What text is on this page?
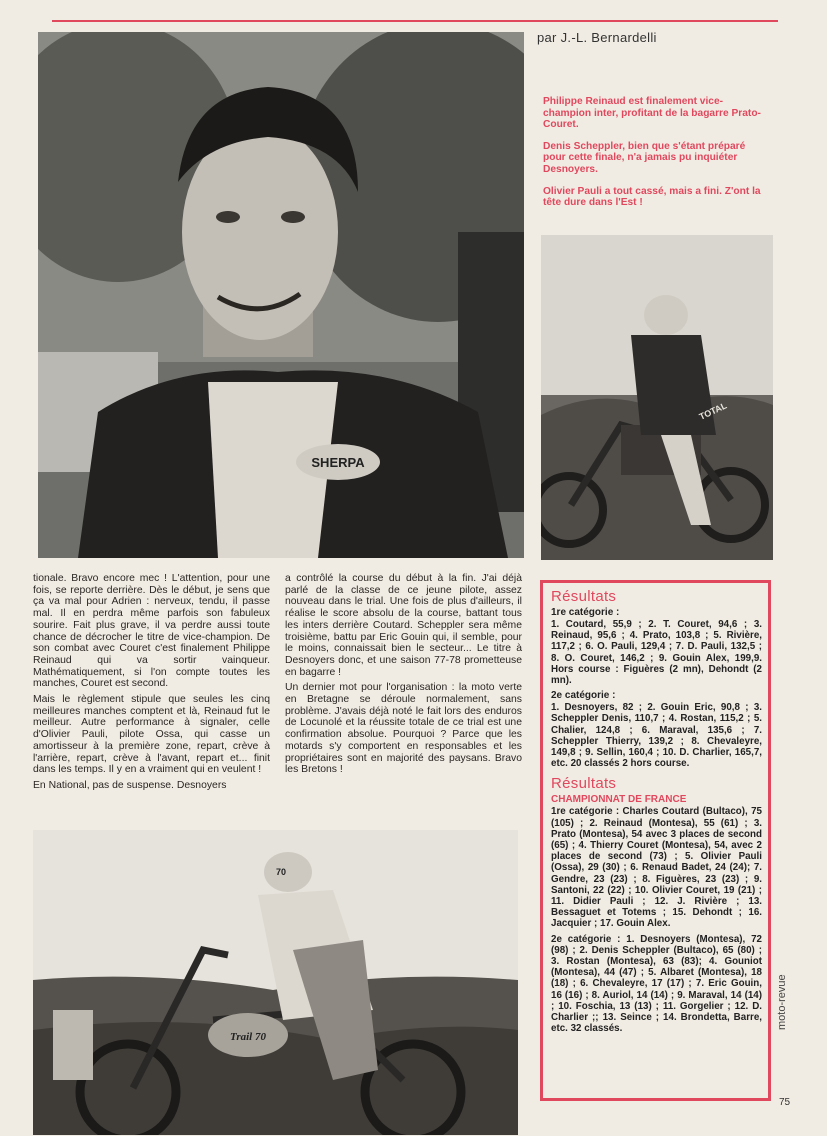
par J.-L. Bernardelli
SHERPA

Philippe Reinaud est finalement vice-champion inter, profitant de la bagarre Prato-Couret.

Denis Scheppler, bien que s'étant préparé pour cette finale, n'a jamais pu inquiéter Desnoyers.

Olivier Pauli a tout cassé, mais a fini. Z'ont la tête dure dans l'Est !

TOTAL

tionale. Bravo encore mec ! L'attention, pour une fois, se reporte derrière. Dès le début, je sens que ça va mal pour Adrien : nerveux, tendu, il passe mal. Il en perdra même parfois son fabuleux sourire. Fait plus grave, il va perdre aussi toute chance de décrocher le titre de vice-champion. De son combat avec Couret c'est finalement Philippe Reinaud qui va sortir vainqueur. Mathématiquement, si l'on compte toutes les manches, Couret est second.

Mais le règlement stipule que seules les cinq meilleures manches comptent et là, Reinaud fut le meilleur. Autre performance à signaler, celle d'Olivier Pauli, pilote Ossa, qui casse un amortisseur à la première zone, repart, crève à l'arrière, repart, crève à l'avant, repart et... finit dans les temps. Il y en a vraiment qui en veulent !

En National, pas de suspense. Desnoyers

a contrôlé la course du début à la fin. J'ai déjà parlé de la classe de ce jeune pilote, assez nouveau dans le trial. Une fois de plus d'ailleurs, il réalise le score absolu de la course, battant tous les inters derrière Coutard. Scheppler sera même troisième, battu par Eric Gouin qui, il semble, pour le moins, connaissait bien le secteur... Le titre à Desnoyers donc, et une saison 77-78 prometteuse en bagarre !

Un dernier mot pour l'organisation : la moto verte en Bretagne se déroule normalement, sans problème. J'avais déjà noté le fait lors des enduros de Locunolé et la réussite totale de ce trial est une confirmation absolue. Pourquoi ? Parce que les motards s'y comportent en responsables et les propriétaires sont en majorité des paysans. Bravo les Bretons !

Trail 70
70
Résultats
1re catégorie :

1. Coutard, 55,9 ; 2. T. Couret, 94,6 ; 3. Reinaud, 95,6 ; 4. Prato, 103,8 ; 5. Rivière, 117,2 ; 6. O. Pauli, 129,4 ; 7. D. Pauli, 132,5 ; 8. O. Couret, 146,2 ; 9. Gouin Alex, 199,9. Hors course : Figuères (2 mn), Dehondt (2 mn).

2e catégorie :

1. Desnoyers, 82 ; 2. Gouin Eric, 90,8 ; 3. Scheppler Denis, 110,7 ; 4. Rostan, 115,2 ; 5. Chalier, 124,8 ; 6. Maraval, 135,6 ; 7. Scheppler Thierry, 139,2 ; 8. Chevaleyre, 149,8 ; 9. Sellin, 160,4 ; 10. D. Charlier, 165,7, etc. 20 classés 2 hors course.

Résultats
CHAMPIONNAT DE FRANCE

1re catégorie : Charles Coutard (Bultaco), 75 (105) ; 2. Reinaud (Montesa), 55 (61) ; 3. Prato (Montesa), 54 avec 3 places de second (65) ; 4. Thierry Couret (Montesa), 54, avec 2 places de second (73) ; 5. Olivier Pauli (Ossa), 29 (30) ; 6. Renaud Badet, 24 (24); 7. Gendre, 23 (23) ; 8. Figuères, 23 (23) ; 9. Santoni, 22 (22) ; 10. Olivier Couret, 19 (21) ; 11. Didier Pauli ; 12. J. Rivière ; 13. Bessaguet et Totems ; 15. Dehondt ; 16. Jacquier ; 17. Gouin Alex.

2e catégorie : 1. Desnoyers (Montesa), 72 (98) ; 2. Denis Scheppler (Bultaco), 65 (80) ; 3. Rostan (Montesa), 63 (83); 4. Gouniot (Montesa), 44 (47) ; 5. Albaret (Montesa), 18 (18) ; 6. Chevaleyre, 17 (17) ; 7. Eric Gouin, 16 (16) ; 8. Auriol, 14 (14) ; 9. Maraval, 14 (14) ; 10. Foschia, 13 (13) ; 11. Gorgelier ; 12. D. Charlier ;; 13. Seince ; 14. Brondetta, Barre, etc. 32 classés.	moto-revue
75
